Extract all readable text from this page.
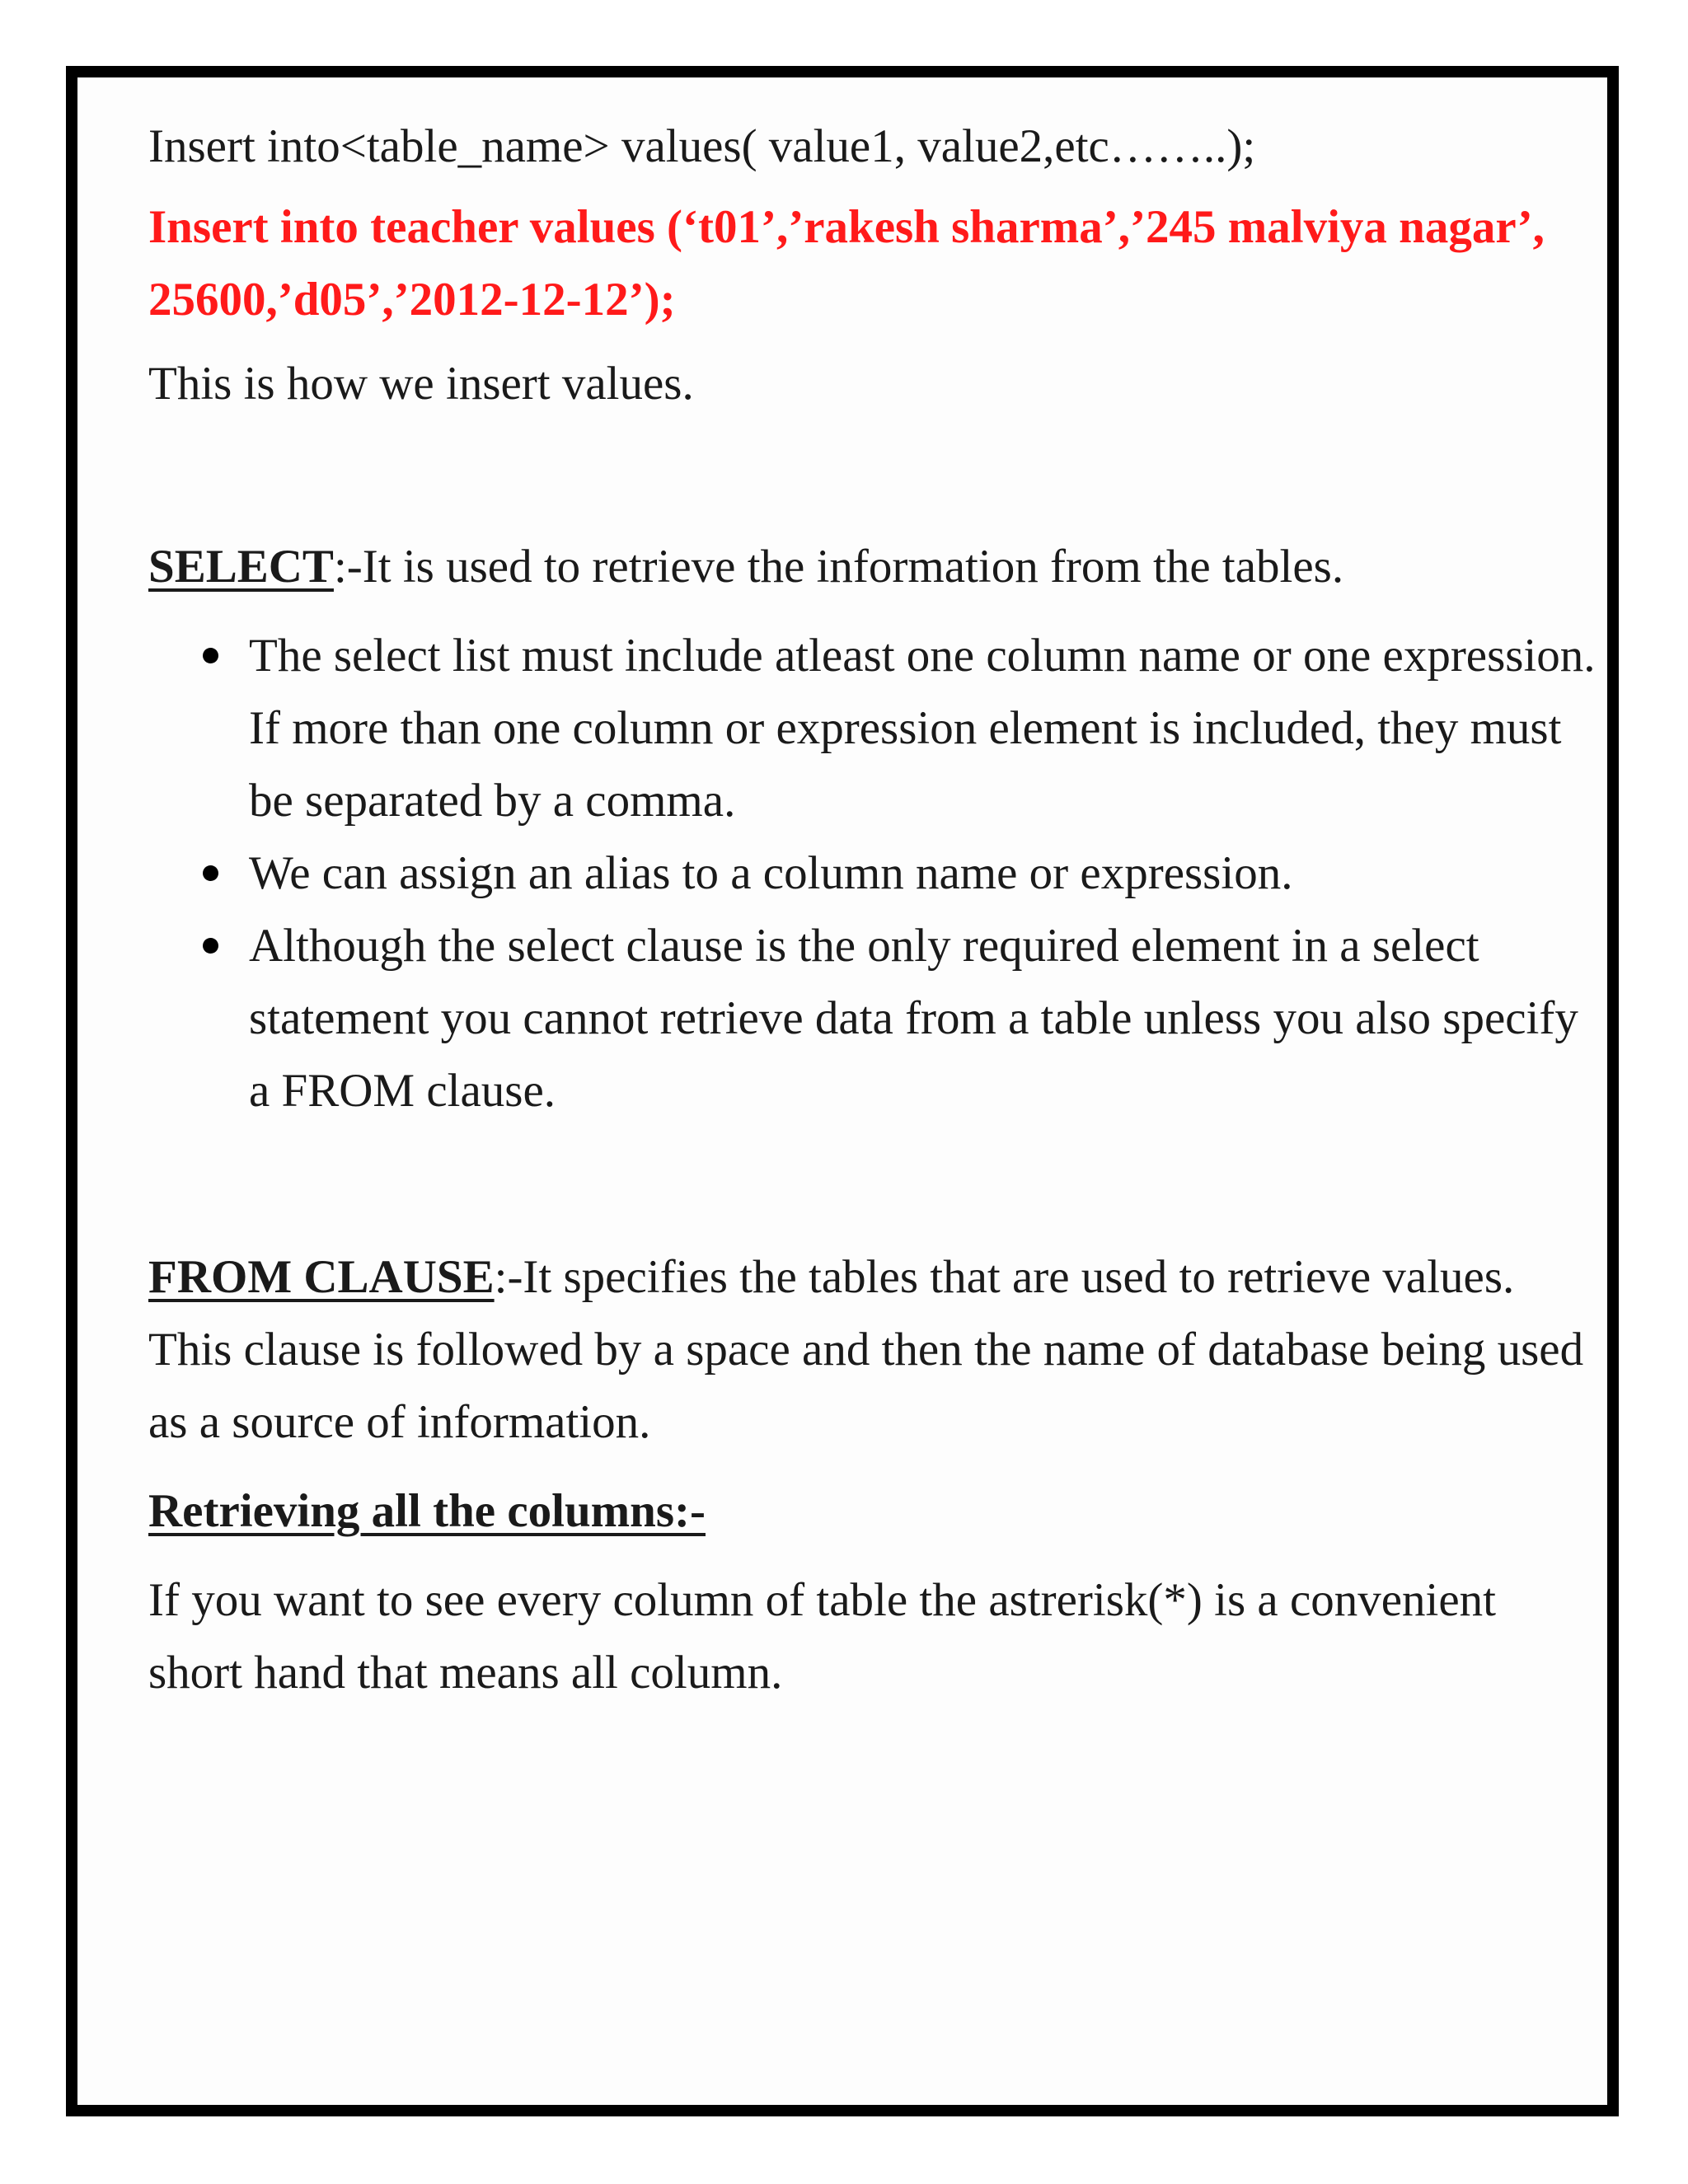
Insert into<table_name> values( value1, value2,etc……..);

Insert into teacher values (‘t01’,’rakesh sharma’,’245 malviya nagar’, 25600,’d05’,’2012-12-12’);

This is how we insert values.

SELECT:-It is used to retrieve the information from the tables.

The select list must include atleast one column name or one expression. If more than one column or expression element is included, they must be separated by a comma.
We can assign an alias to a column name or expression.
Although the select clause is the only required element in a select statement you cannot retrieve data from a table unless you also specify a FROM clause.

FROM CLAUSE:-It specifies the tables that are used to retrieve values. This clause is followed by a space and then the name of database being used as a source of information.

Retrieving all the columns:-

If you want to see every column of table the astrerisk(*) is a convenient short hand that means all column.
